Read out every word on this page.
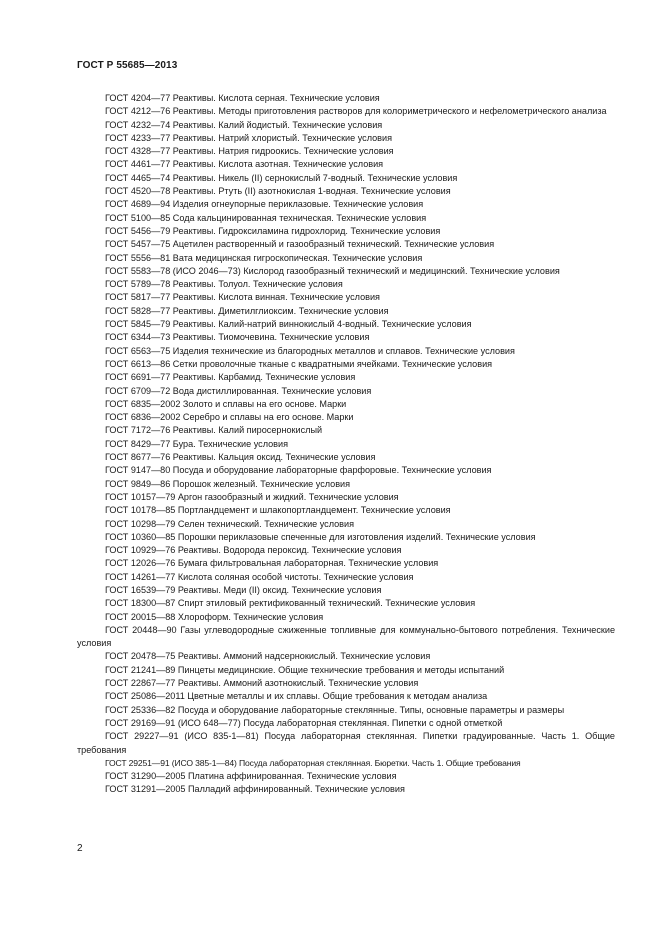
ГОСТ Р 55685—2013
ГОСТ 4204—77 Реактивы. Кислота серная. Технические условия
ГОСТ 4212—76 Реактивы. Методы приготовления растворов для колориметрического и нефелометрического анализа
ГОСТ 4232—74 Реактивы. Калий йодистый. Технические условия
ГОСТ 4233—77 Реактивы. Натрий хлористый. Технические условия
ГОСТ 4328—77 Реактивы. Натрия гидроокись. Технические условия
ГОСТ 4461—77 Реактивы. Кислота азотная. Технические условия
ГОСТ 4465—74 Реактивы. Никель (II) сернокислый 7-водный. Технические условия
ГОСТ 4520—78 Реактивы. Ртуть (II) азотнокислая 1-водная. Технические условия
ГОСТ 4689—94 Изделия огнеупорные периклазовые. Технические условия
ГОСТ 5100—85 Сода кальцинированная техническая. Технические условия
ГОСТ 5456—79 Реактивы. Гидроксиламина гидрохлорид. Технические условия
ГОСТ 5457—75 Ацетилен растворенный и газообразный технический. Технические условия
ГОСТ 5556—81 Вата медицинская гигроскопическая. Технические условия
ГОСТ 5583—78 (ИСО 2046—73) Кислород газообразный технический и медицинский. Технические условия
ГОСТ 5789—78 Реактивы. Толуол. Технические условия
ГОСТ 5817—77 Реактивы. Кислота винная. Технические условия
ГОСТ 5828—77 Реактивы. Диметилглиоксим. Технические условия
ГОСТ 5845—79 Реактивы. Калий-натрий виннокислый 4-водный. Технические условия
ГОСТ 6344—73 Реактивы. Тиомочевина. Технические условия
ГОСТ 6563—75 Изделия технические из благородных металлов и сплавов. Технические условия
ГОСТ 6613—86 Сетки проволочные тканые с квадратными ячейками. Технические условия
ГОСТ 6691—77 Реактивы. Карбамид. Технические условия
ГОСТ 6709—72 Вода дистиллированная. Технические условия
ГОСТ 6835—2002 Золото и сплавы на его основе. Марки
ГОСТ 6836—2002 Серебро и сплавы на его основе. Марки
ГОСТ 7172—76 Реактивы. Калий пиросернокислый
ГОСТ 8429—77 Бура. Технические условия
ГОСТ 8677—76 Реактивы. Кальция оксид. Технические условия
ГОСТ 9147—80 Посуда и оборудование лабораторные фарфоровые. Технические условия
ГОСТ 9849—86 Порошок железный. Технические условия
ГОСТ 10157—79 Аргон газообразный и жидкий. Технические условия
ГОСТ 10178—85 Портландцемент и шлакопортландцемент. Технические условия
ГОСТ 10298—79 Селен технический. Технические условия
ГОСТ 10360—85 Порошки периклазовые спеченные для изготовления изделий. Технические условия
ГОСТ 10929—76 Реактивы. Водорода пероксид. Технические условия
ГОСТ 12026—76 Бумага фильтровальная лабораторная. Технические условия
ГОСТ 14261—77 Кислота соляная особой чистоты. Технические условия
ГОСТ 16539—79 Реактивы. Меди (II) оксид. Технические условия
ГОСТ 18300—87 Спирт этиловый ректификованный технический. Технические условия
ГОСТ 20015—88 Хлороформ. Технические условия
ГОСТ 20448—90 Газы углеводородные сжиженные топливные для коммунально-бытового потребления. Технические условия
ГОСТ 20478—75 Реактивы. Аммоний надсернокислый. Технические условия
ГОСТ 21241—89 Пинцеты медицинские. Общие технические требования и методы испытаний
ГОСТ 22867—77 Реактивы. Аммоний азотнокислый. Технические условия
ГОСТ 25086—2011 Цветные металлы и их сплавы. Общие требования к методам анализа
ГОСТ 25336—82 Посуда и оборудование лабораторные стеклянные. Типы, основные параметры и размеры
ГОСТ 29169—91 (ИСО 648—77) Посуда лабораторная стеклянная. Пипетки с одной отметкой
ГОСТ 29227—91 (ИСО 835-1—81) Посуда лабораторная стеклянная. Пипетки градуированные. Часть 1. Общие требования
ГОСТ 29251—91 (ИСО 385-1—84) Посуда лабораторная стеклянная. Бюретки. Часть 1. Общие требования
ГОСТ 31290—2005 Платина аффинированная. Технические условия
ГОСТ 31291—2005 Палладий аффинированный. Технические условия
2
